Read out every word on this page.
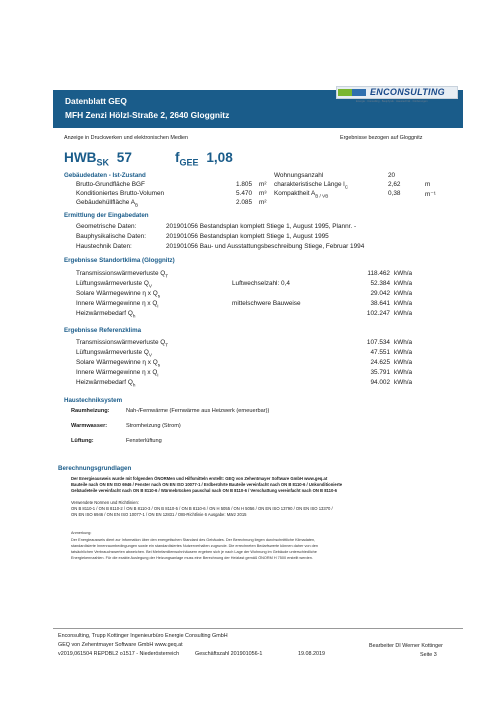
Datenblatt GEQ
MFH Zenzi Hölzl-Straße 2, 2640 Gloggnitz
ENCONSULTING
Energie · Consulting · Bauphysik · Haustechnik · Förderungen
Anzeige in Druckwerken und elektronischen Medien	Ergebnisse bezogen auf Gloggnitz
$HWB_{SK}$ 57	$f_{GEE}$ 1,08
Gebäudedaten - Ist-Zustand
Brutto-Grundfläche BGF	1.805 m²
Konditioniertes Brutto-Volumen	5.470 m³
Gebäudehüllfläche $A_B$	2.085 m²
Wohnungsanzahl	20
charakteristische Länge $l_C$	2,62	m
Kompaktheit $A_{B / VB}$	0,38	m⁻¹
Ermittlung der Eingabedaten
Geometrische Daten:	201901056 Bestandsplan komplett Stiege 1, August 1995, Plannr. -
Bauphysikalische Daten:	201901056 Bestandsplan komplett Stiege 1, August 1995
Haustechnik Daten:	201901056 Bau- und Ausstattungsbeschreibung Stiege, Februar 1994
Ergebnisse Standortklima (Gloggnitz)
Transmissionswärmeverluste $Q_T$	118.462 kWh/a
Lüftungswärmeverluste $Q_V$	Luftwechselzahl: 0,4	52.384 kWh/a
Solare Wärmegewinne η x $Q_s$	29.042 kWh/a
Innere Wärmegewinne η x $Q_i$	mittelschwere Bauweise	38.641 kWh/a
Heizwärmebedarf $Q_h$	102.247 kWh/a
Ergebnisse Referenzklima
Transmissionswärmeverluste $Q_T$	107.534 kWh/a
Lüftungswärmeverluste $Q_V$	47.551 kWh/a
Solare Wärmegewinne η x $Q_s$	24.625 kWh/a
Innere Wärmegewinne η x $Q_i$	35.791 kWh/a
Heizwärmebedarf $Q_h$	94.002 kWh/a
Haustechniksystem
Raumheizung:	Nah-/Fernwärme (Fernwärme aus Heizwerk (erneuerbar))
Warmwasser:	Stromheizung (Strom)
Lüftung:	Fensterlüftung
Berechnungsgrundlagen
Der Energieausweis wurde mit folgenden ÖNORMen und Hilfsmitteln erstellt: GEQ von Zehentmayer Software GmbH www.geq.at
Bauteile nach ON EN ISO 6946 / Fenster nach ON EN ISO 10077-1 / Erdberührte Bauteile vereinfacht nach ON B 8110-6 / Unkonditionierte
Gebäudeteile vereinfacht nach ON B 8110-6 / Wärmebrücken pauschal nach ON B 8110-6 / Verschattung vereinfacht nach ON B 8110-6
Verwendete Normen und Richtlinien:
ON B 8110-1 / ON B 8110-2 / ON B 8110-3 / ON B 8110-5 / ON B 8110-6 / ON H 5055 / ON H 5056 / ON EN ISO 13790 / ON EN ISO 13370 /
ON EN ISO 6946 / ON EN ISO 10077-1 / ON EN 12831 / OIB-Richtlinie 6 Ausgabe: März 2015
Anmerkung:
Der Energieausweis dient zur Information über den energetischen Standard des Gebäudes. Der Berechnung liegen durchschnittliche Klimadaten,
standardisierte Innenraumbedingungen sowie ein standardisiertes Nutzerverhalten zugrunde. Die errechneten Bedarfswerte können daher von den
tatsächlichen Verbrauchswerten abweichen. Bei Mehrfamilienwohnhäusern ergeben sich je nach Lage der Wohnung im Gebäude unterschiedliche
Energiekennzahlen. Für die exakte Auslegung der Heizungsanlage muss eine Berechnung der Heizlast gemäß ÖNORM H 7500 erstellt werden.
Enconsulting, Trupp Kottinger Ingenieurbüro Energie Consulting GmbH
GEQ von Zehentmayer Software GmbH www.geq.at
v2019,061504 REPDBL2 o1517 - Niederösterreich	Geschäftszahl 201901056-1	19.08.2019
Bearbeiter DI Werner Kottinger
Seite 3
